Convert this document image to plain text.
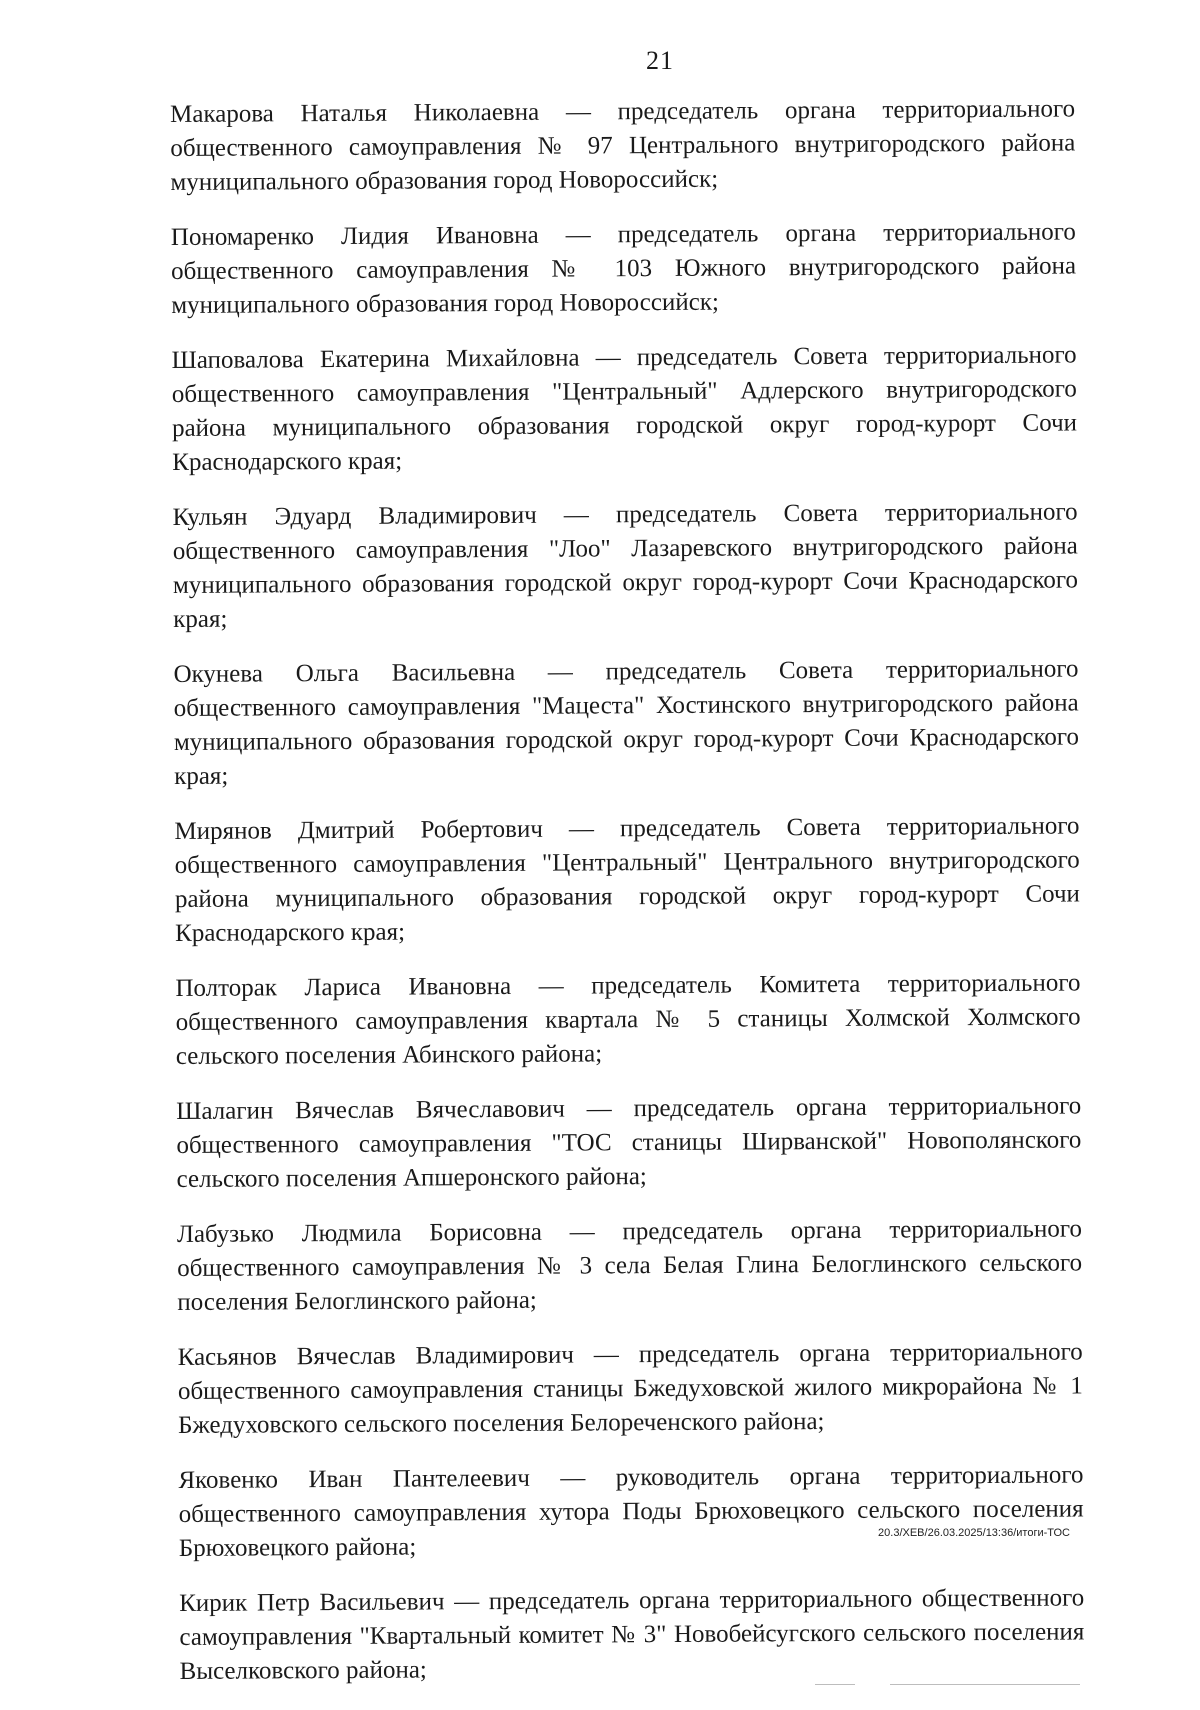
21

Макарова Наталья Николаевна — председатель органа территориального общественного самоуправления № 97 Центрального внутригородского района муниципального образования город Новороссийск;

Пономаренко Лидия Ивановна — председатель органа территориального общественного самоуправления № 103 Южного внутригородского района муниципального образования город Новороссийск;

Шаповалова Екатерина Михайловна — председатель Совета территориального общественного самоуправления "Центральный" Адлерского внутригородского района муниципального образования городской округ город-курорт Сочи Краснодарского края;

Кульян Эдуард Владимирович — председатель Совета территориального общественного самоуправления "Лоо" Лазаревского внутригородского района муниципального образования городской округ город-курорт Сочи Краснодарского края;

Окунева Ольга Васильевна — председатель Совета территориального общественного самоуправления "Мацеста" Хостинского внутригородского района муниципального образования городской округ город-курорт Сочи Краснодарского края;

Мирянов Дмитрий Робертович — председатель Совета территориального общественного самоуправления "Центральный" Центрального внутригородского района муниципального образования городской округ город-курорт Сочи Краснодарского края;

Полторак Лариса Ивановна — председатель Комитета территориального общественного самоуправления квартала № 5 станицы Холмской Холмского сельского поселения Абинского района;

Шалагин Вячеслав Вячеславович — председатель органа территориального общественного самоуправления "ТОС станицы Ширванской" Новополянского сельского поселения Апшеронского района;

Лабузько Людмила Борисовна — председатель органа территориального общественного самоуправления № 3 села Белая Глина Белоглинского сельского поселения Белоглинского района;

Касьянов Вячеслав Владимирович — председатель органа территориального общественного самоуправления станицы Бжедуховской жилого микрорайона № 1 Бжедуховского сельского поселения Белореченского района;

Яковенко Иван Пантелеевич — руководитель органа территориального общественного самоуправления хутора Поды Брюховецкого сельского поселения Брюховецкого района;

Кирик Петр Васильевич — председатель органа территориального общественного самоуправления "Квартальный комитет № 3" Новобейсугского сельского поселения Выселковского района;

20.3/ХЕВ/26.03.2025/13:36/итоги-ТОС
